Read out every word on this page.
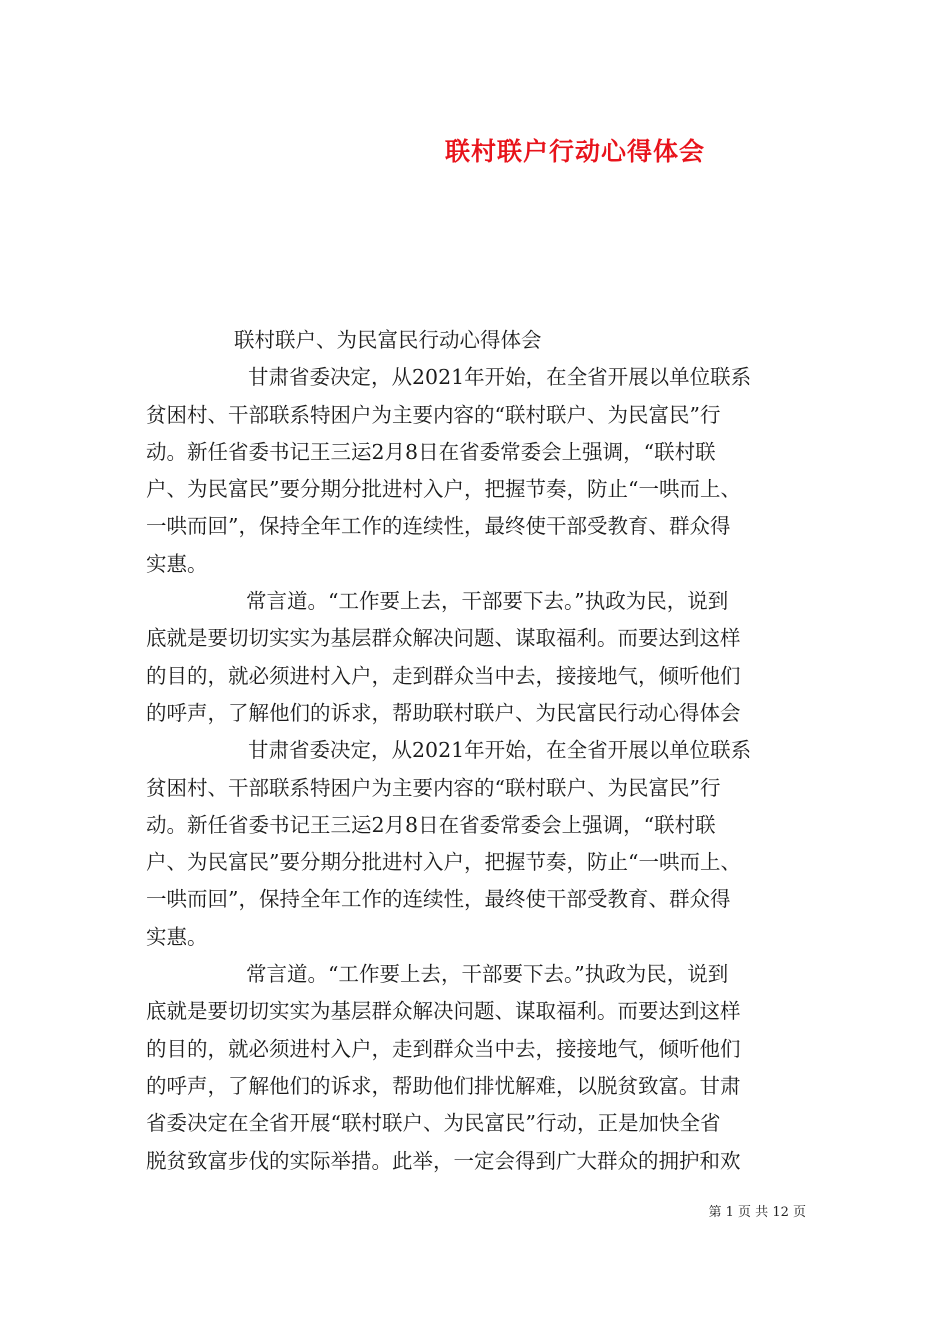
联村联户行动心得体会
联村联户、为民富民行动心得体会
甘肃省委决定，从2021年开始，在全省开展以单位联系
贫困村、干部联系特困户为主要内容的“联村联户、为民富民”行
动。新任省委书记王三运2月8日在省委常委会上强调，“联村联
户、为民富民”要分期分批进村入户，把握节奏，防止“一哄而上、
一哄而回”，保持全年工作的连续性，最终使干部受教育、群众得
实惠。
常言道。“工作要上去，干部要下去。”执政为民，说到
底就是要切切实实为基层群众解决问题、谋取福利。而要达到这样
的目的，就必须进村入户，走到群众当中去，接接地气，倾听他们
的呼声，了解他们的诉求，帮助联村联户、为民富民行动心得体会
甘肃省委决定，从2021年开始，在全省开展以单位联系
贫困村、干部联系特困户为主要内容的“联村联户、为民富民”行
动。新任省委书记王三运2月8日在省委常委会上强调，“联村联
户、为民富民”要分期分批进村入户，把握节奏，防止“一哄而上、
一哄而回”，保持全年工作的连续性，最终使干部受教育、群众得
实惠。
常言道。“工作要上去，干部要下去。”执政为民，说到
底就是要切切实实为基层群众解决问题、谋取福利。而要达到这样
的目的，就必须进村入户，走到群众当中去，接接地气，倾听他们
的呼声，了解他们的诉求，帮助他们排忧解难，以脱贫致富。甘肃
省委决定在全省开展“联村联户、为民富民”行动，正是加快全省
脱贫致富步伐的实际举措。此举，一定会得到广大群众的拥护和欢
第 1 页 共 12 页
